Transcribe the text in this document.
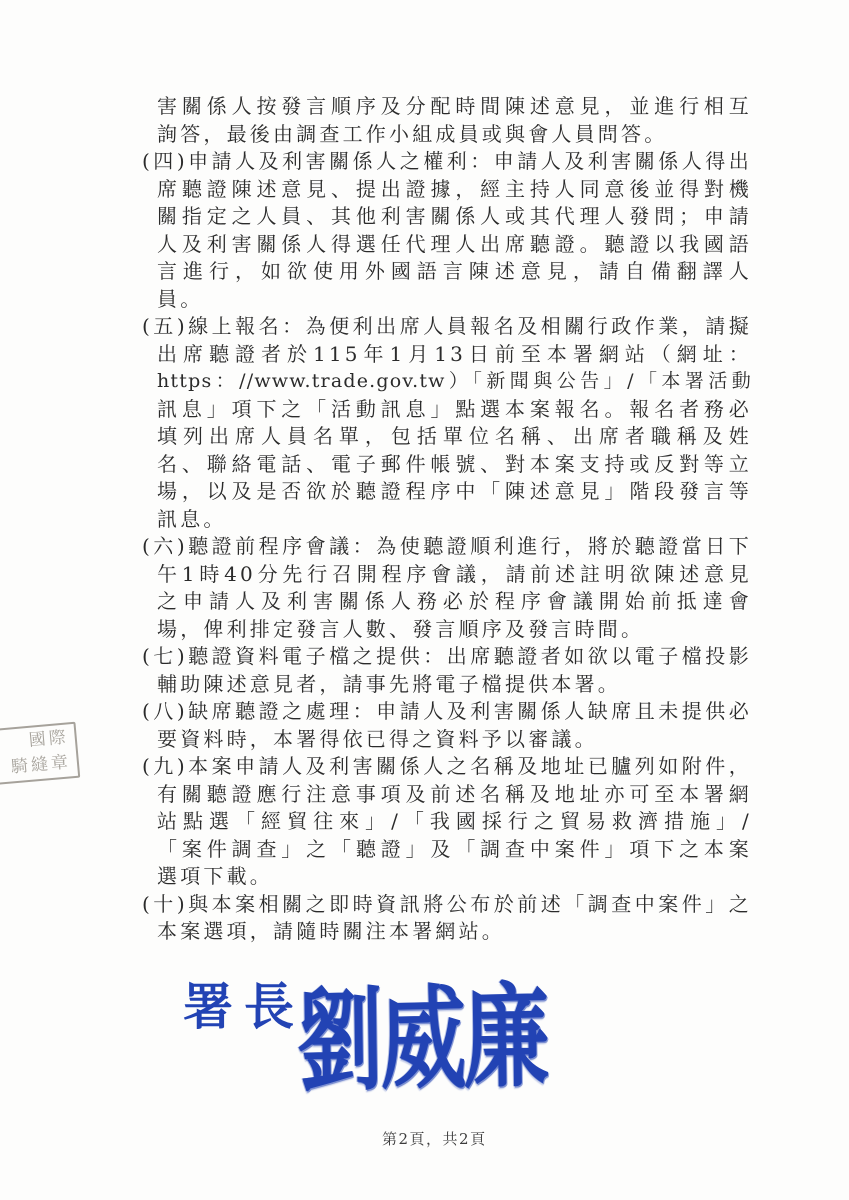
害關係人按發言順序及分配時間陳述意見，並進行相互
詢答，最後由調查工作小組成員或與會人員問答。
(四)申請人及利害關係人之權利：申請人及利害關係人得出
席聽證陳述意見、提出證據，經主持人同意後並得對機
關指定之人員、其他利害關係人或其代理人發問；申請
人及利害關係人得選任代理人出席聽證。聽證以我國語
言進行，如欲使用外國語言陳述意見，請自備翻譯人
員。
(五)線上報名：為便利出席人員報名及相關行政作業，請擬
出席聽證者於115年1月13日前至本署網站（網址：
https：//www.trade.gov.tw）「新聞與公告」/「本署活動
訊息」項下之「活動訊息」點選本案報名。報名者務必
填列出席人員名單，包括單位名稱、出席者職稱及姓
名、聯絡電話、電子郵件帳號、對本案支持或反對等立
場，以及是否欲於聽證程序中「陳述意見」階段發言等
訊息。
(六)聽證前程序會議：為使聽證順利進行，將於聽證當日下
午1時40分先行召開程序會議，請前述註明欲陳述意見
之申請人及利害關係人務必於程序會議開始前抵達會
場，俾利排定發言人數、發言順序及發言時間。
(七)聽證資料電子檔之提供：出席聽證者如欲以電子檔投影
輔助陳述意見者，請事先將電子檔提供本署。
(八)缺席聽證之處理：申請人及利害關係人缺席且未提供必
要資料時，本署得依已得之資料予以審議。
(九)本案申請人及利害關係人之名稱及地址已臚列如附件，
有關聽證應行注意事項及前述名稱及地址亦可至本署網
站點選「經貿往來」/「我國採行之貿易救濟措施」/
「案件調查」之「聽證」及「調查中案件」項下之本案
選項下載。
(十)與本案相關之即時資訊將公布於前述「調查中案件」之
本案選項，請隨時關注本署網站。
國際
騎縫章
署長
劉威廉
第2頁，共2頁
